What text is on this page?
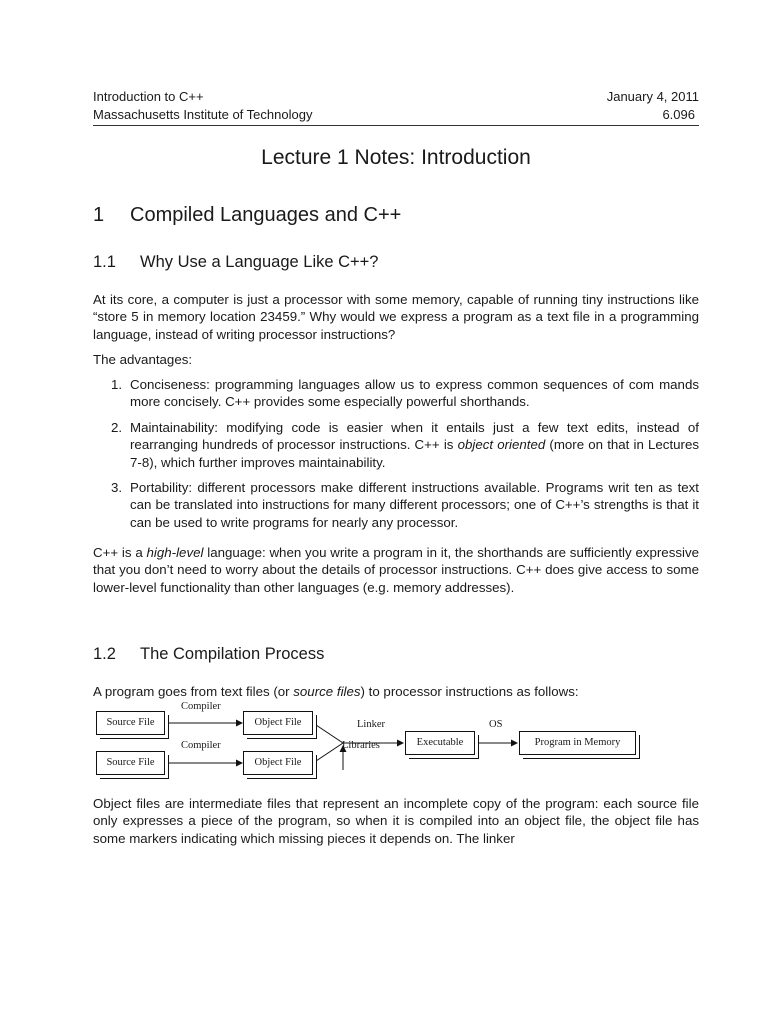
Introduction to C++	January 4, 2011
Massachusetts Institute of Technology	6.096
Lecture 1 Notes: Introduction
1 Compiled Languages and C++
1.1 Why Use a Language Like C++?

At its core, a computer is just a processor with some memory, capable of running tiny instructions like “store 5 in memory location 23459.” Why would we express a program as a text file in a programming language, instead of writing processor instructions?

The advantages:

1. Conciseness: programming languages allow us to express common sequences of com mands more concisely. C++ provides some especially powerful shorthands.
2. Maintainability: modifying code is easier when it entails just a few text edits, instead of rearranging hundreds of processor instructions. C++ is object oriented (more on that in Lectures 7-8), which further improves maintainability.
3. Portability: different processors make different instructions available. Programs writ ten as text can be translated into instructions for many different processors; one of C++’s strengths is that it can be used to write programs for nearly any processor.

C++ is a high-level language: when you write a program in it, the shorthands are sufficiently expressive that you don’t need to worry about the details of processor instructions. C++ does give access to some lower-level functionality than other languages (e.g. memory addresses).

1.2 The Compilation Process

A program goes from text files (or source files) to processor instructions as follows:

Source File
Source File
Compiler
Compiler
Object File
Object File
Linker
Libraries	Executable
OS
Program in Memory

Object files are intermediate files that represent an incomplete copy of the program: each source file only expresses a piece of the program, so when it is compiled into an object file, the object file has some markers indicating which missing pieces it depends on. The linker
